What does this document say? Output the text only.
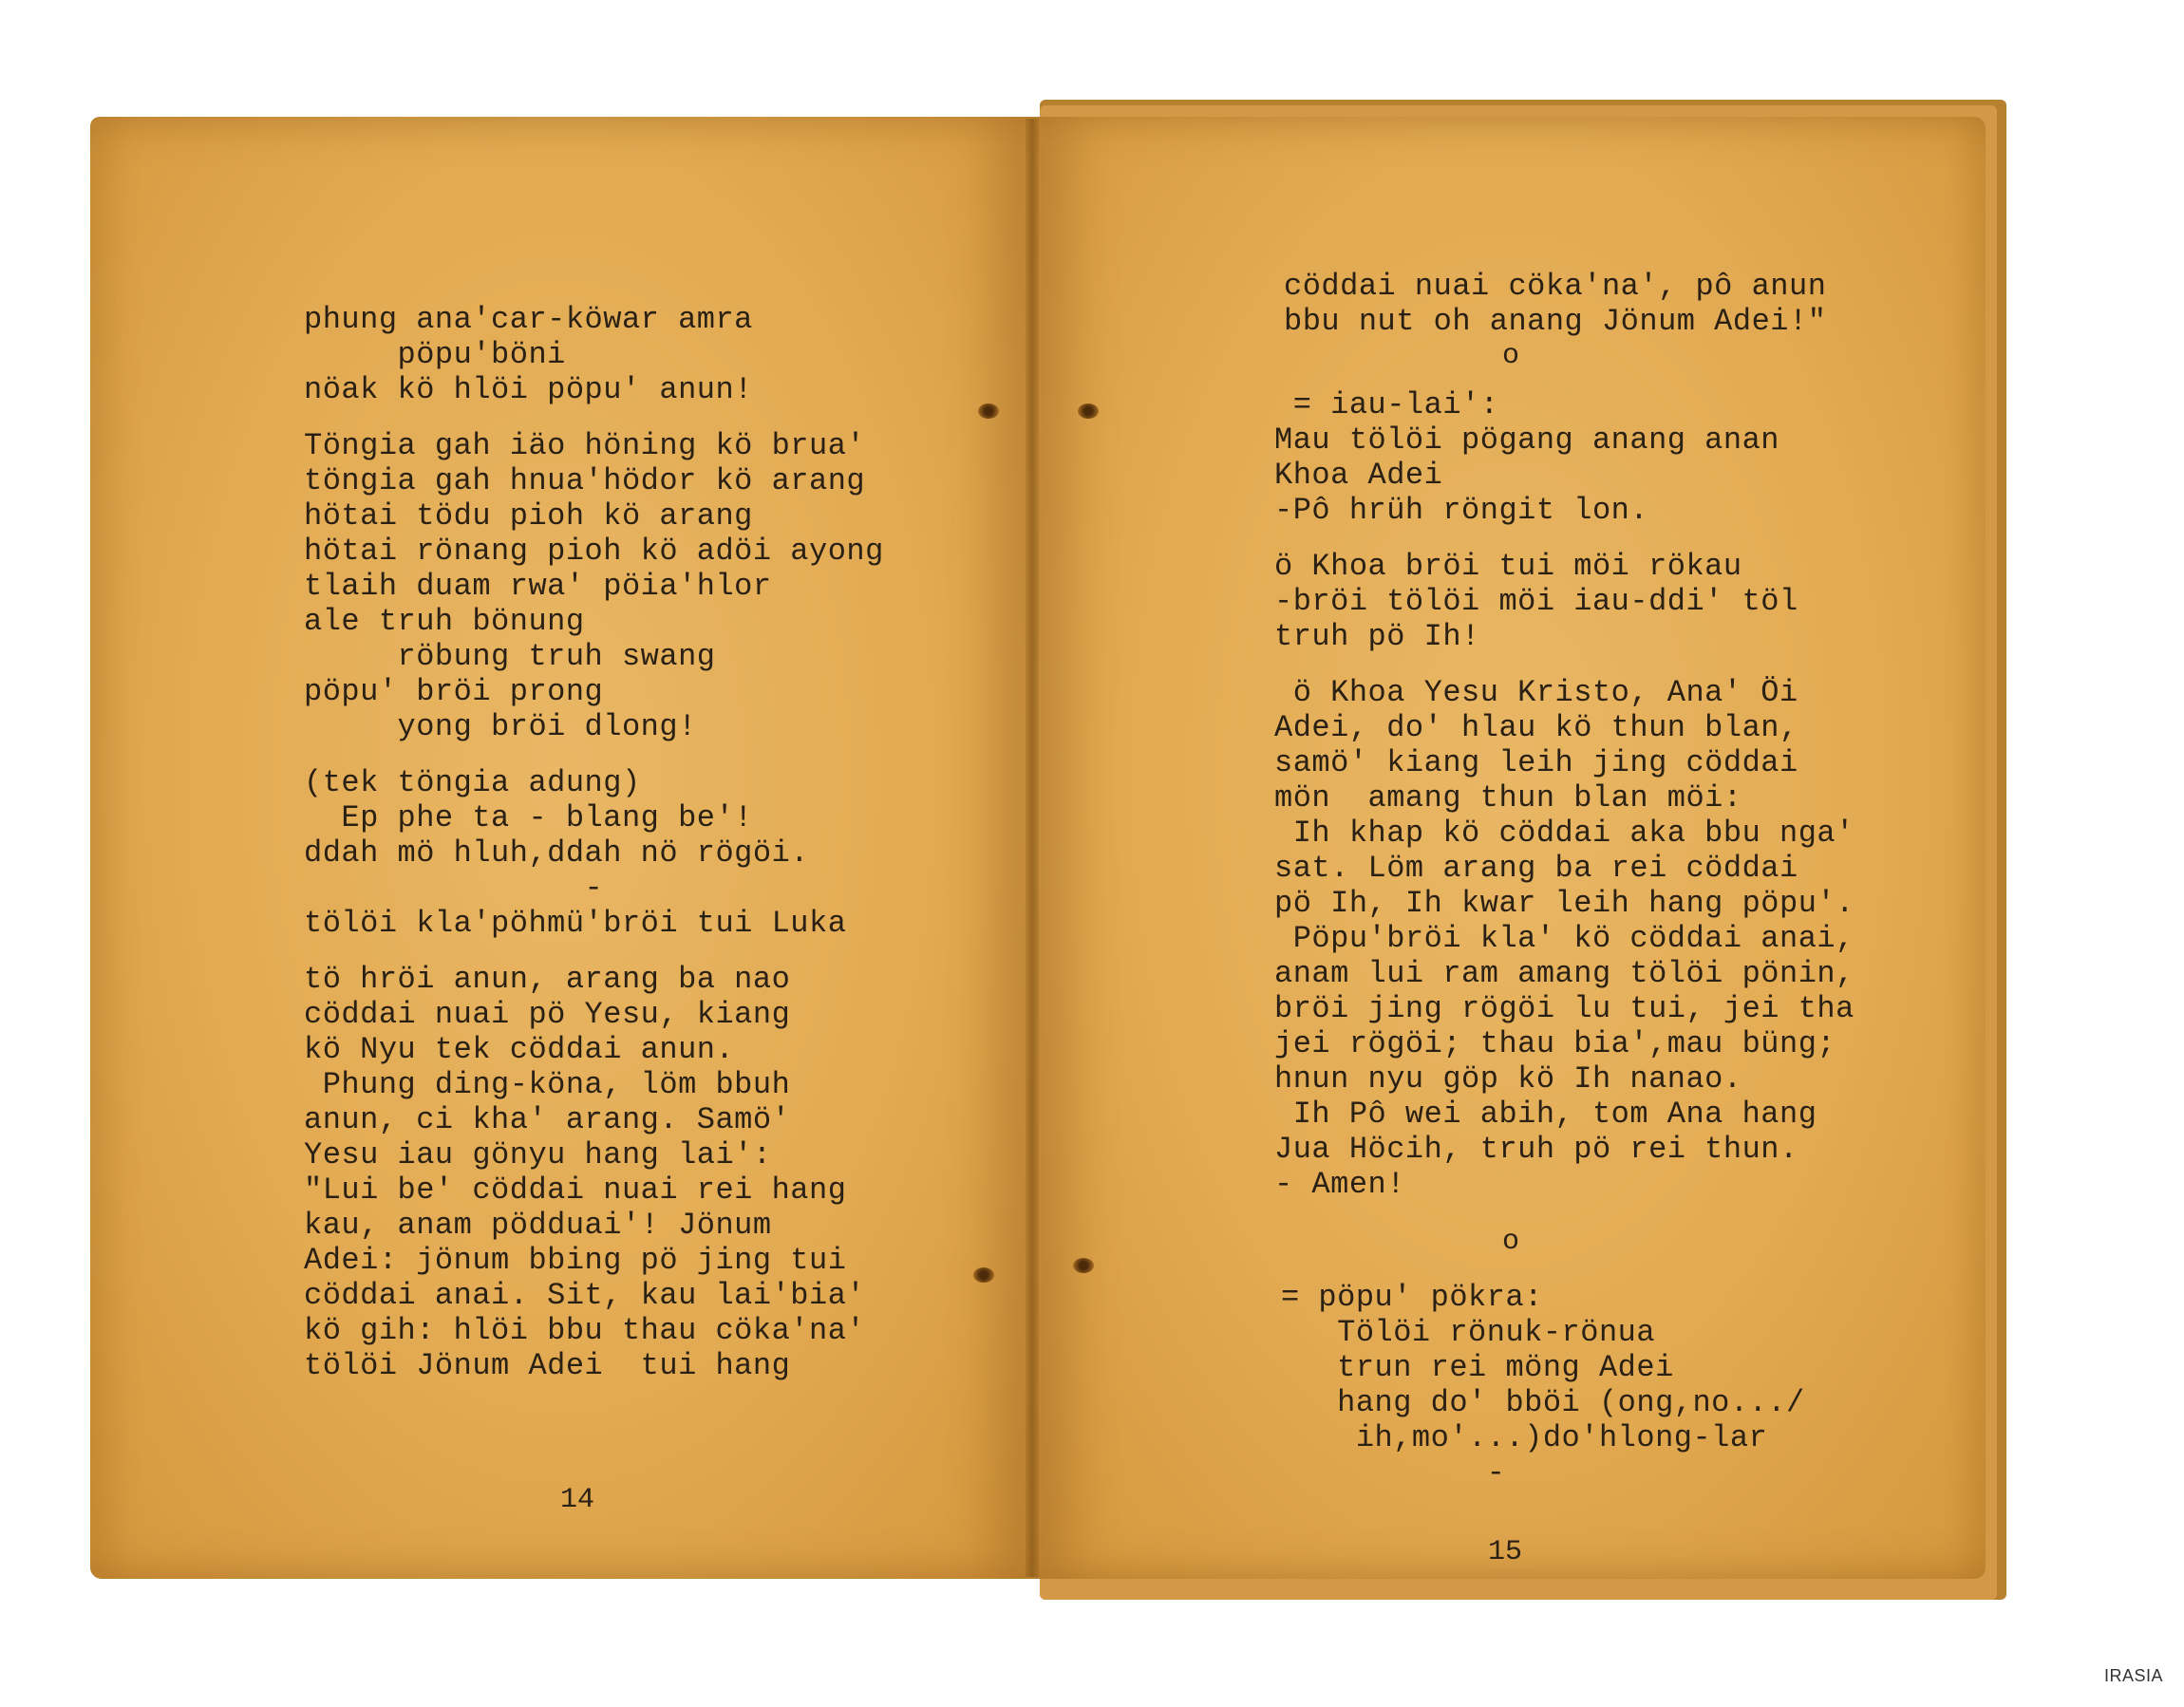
phung ana'car-köwar amra
pöpu'böni
nöak kö hlöi pöpu' anun!
Töngia gah iäo höning kö brua'
töngia gah hnua'hödor kö arang
hötai tödu pioh kö arang
hötai rönang pioh kö adöi ayong
tlaih duam rwa' pöia'hlor
ale truh bönung
röbung truh swang
pöpu' bröi prong
yong bröi dlong!
(tek töngia adung)
Ep phe ta - blang be'!
ddah mö hluh,ddah nö rögöi.
-
tölöi kla'pöhmü'bröi tui Luka
tö hröi anun, arang ba nao
cöddai nuai pö Yesu, kiang
kö Nyu tek cöddai anun.
Phung ding-köna, löm bbuh
anun, ci kha' arang. Samö'
Yesu iau gönyu hang lai':
"Lui be' cöddai nuai rei hang
kau, anam pödduai'! Jönum
Adei: jönum bbing pö jing tui
cöddai anai. Sit, kau lai'bia'
kö gih: hlöi bbu thau cöka'na'
tölöi Jönum Adei  tui hang
14
cöddai nuai cöka'na', pô anun
bbu nut oh anang Jönum Adei!"
o
= iau-lai':
Mau tölöi pögang anang anan
Khoa Adei
-Pô hrüh röngit lon.
ö Khoa bröi tui möi rökau
-bröi tölöi möi iau-ddi' töl
truh pö Ih!
ö Khoa Yesu Kristo, Ana' Öi
Adei, do' hlau kö thun blan,
samö' kiang leih jing cöddai
mön  amang thun blan möi:
Ih khap kö cöddai aka bbu nga'
sat. Löm arang ba rei cöddai
pö Ih, Ih kwar leih hang pöpu'.
Pöpu'bröi kla' kö cöddai anai,
anam lui ram amang tölöi pönin,
bröi jing rögöi lu tui, jei tha
jei rögöi; thau bia',mau büng;
hnun nyu göp kö Ih nanao.
Ih Pô wei abih, tom Ana hang
Jua Höcih, truh pö rei thun.
- Amen!
o
= pöpu' pökra:
Tölöi rönuk-rönua
trun rei möng Adei
hang do' bböi (ong,no.../
ih,mo'...)do'hlong-lar
-
15
IRASIA
